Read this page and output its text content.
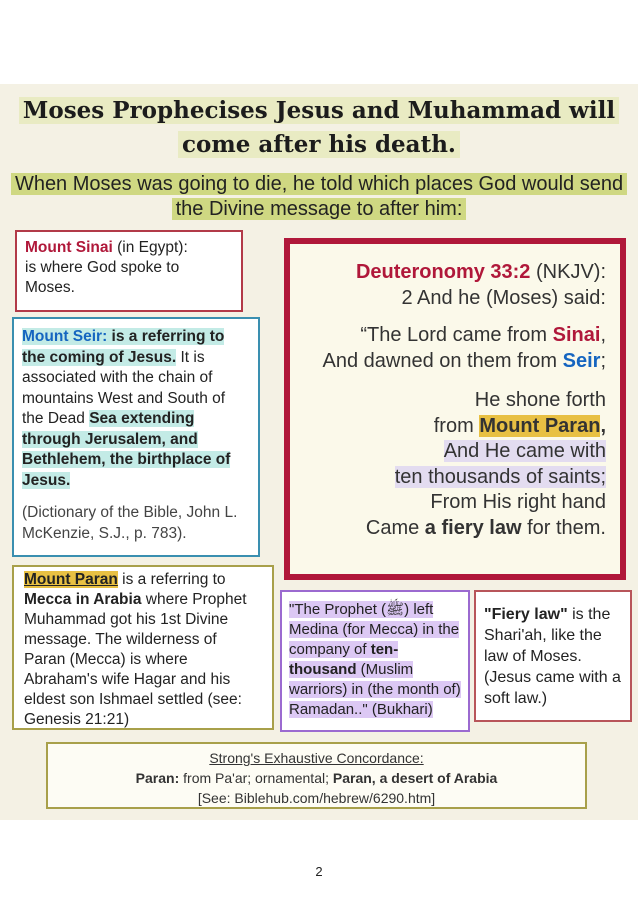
Moses Prophecises Jesus and Muhammad will come after his death.
When Moses was going to die, he told which places God would send the Divine message to after him:
Mount Sinai (in Egypt):
is where God spoke to Moses.
Mount Seir: is a referring to the coming of Jesus. It is associated with the chain of mountains West and South of the Dead Sea extending through Jerusalem, and Bethlehem, the birthplace of Jesus.
(Dictionary of the Bible, John L. McKenzie, S.J., p. 783).
Deuteronomy 33:2 (NKJV):
2 And he (Moses) said:
“The Lord came from Sinai,
And dawned on them from Seir;
He shone forth
from Mount Paran,
And He came with
ten thousands of saints;
From His right hand
Came a fiery law for them.
Mount Paran is a referring to Mecca in Arabia where Prophet Muhammad got his 1st Divine message. The wilderness of Paran (Mecca) is where Abraham's wife Hagar and his eldest son Ishmael settled (see: Genesis 21:21)
"The Prophet (ﷺ) left Medina (for Mecca) in the company of ten-thousand (Muslim warriors) in (the month of) Ramadan.." (Bukhari)
"Fiery law" is the Shari'ah, like the law of Moses. (Jesus came with a soft law.)
Strong's Exhaustive Concordance:
Paran: from Pa'ar; ornamental; Paran, a desert of Arabia
[See: Biblehub.com/hebrew/6290.htm]
2
